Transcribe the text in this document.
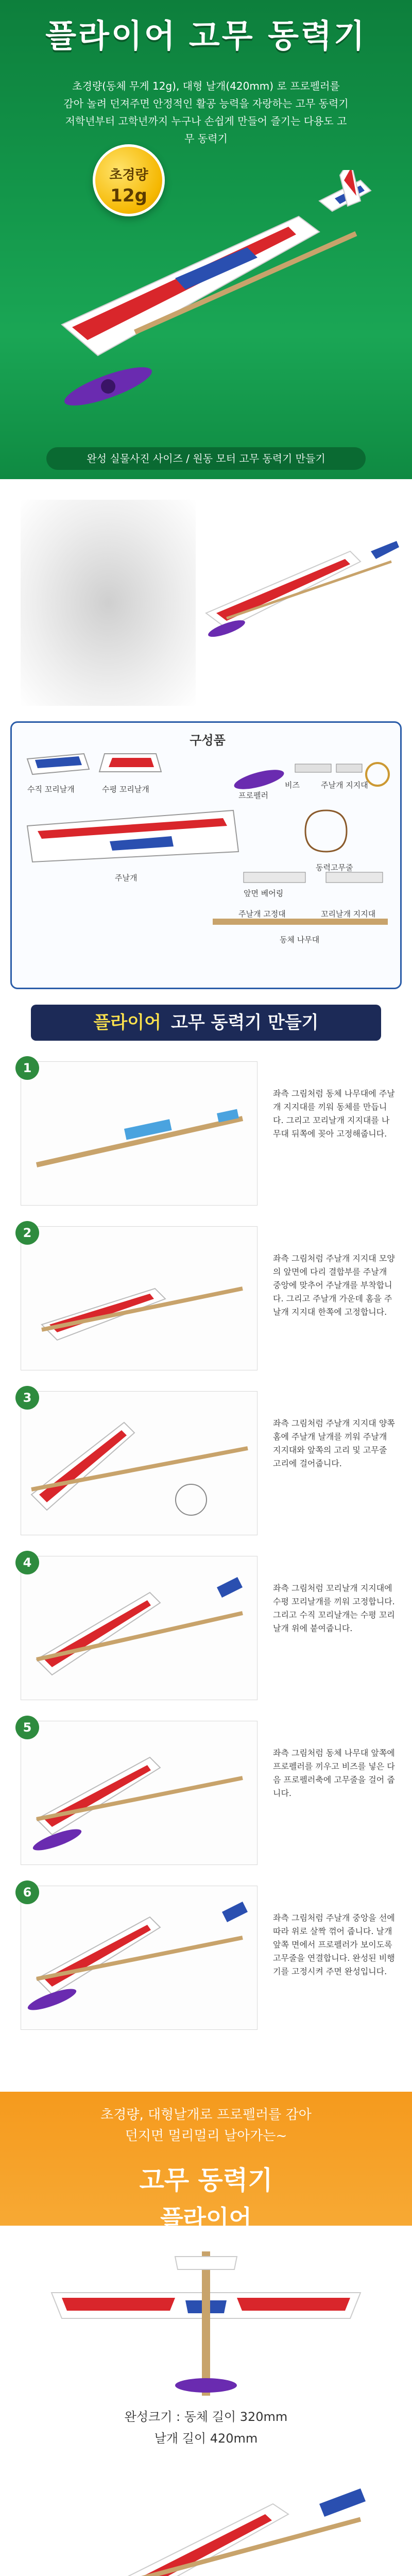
플라이어 고무 동력기
초경량(동체 무게 12g), 대형 날개(420mm) 로 프로펠러를
감아 놀려 던져주면 안정적인 활공 능력을 자랑하는 고무 동력기
저학년부터 고학년까지 누구나 손쉽게 만들어 즐기는 다용도 고무 동력기
초경량
12g
완성 실물사진 사이즈 / 원동 모터 고무 동력기 만들기
구성품
수직 꼬리날개	수평 꼬리날개
프로펠러
비즈	주날개 지지대
주날개
앞면 베어링
동력고무줄
주날개 고정대	꼬리날개 지지대
동체 나무대
플라이어 고무 동력기 만들기
1
좌측 그림처럼 동체 나무대에 주날개 지지대를 끼워 동체를 만듭니다. 그리고 꼬리날개 지지대를 나무대 뒤쪽에 꽂아 고정해줍니다.
2
좌측 그림처럼 주날개 지지대 모양의 앞면에 다리 결합부를 주날개 중앙에 맞추어 주날개를 부착합니다. 그리고 주날개 가운데 홈을 주날개 지지대 한쪽에 고정합니다.
3
좌측 그림처럼 주날개 지지대 양쪽 홈에 주날개 날개를 끼워 주날개 지지대와 앞쪽의 고리 및 고무줄 고리에 걸어줍니다.
4
좌측 그림처럼 꼬리날개 지지대에 수평 꼬리날개를 끼워 고정합니다. 그리고 수직 꼬리날개는 수평 꼬리날개 위에 붙여줍니다.
5
좌측 그림처럼 동체 나무대 앞쪽에 프로펠러를 끼우고 비즈를 넣은 다음 프로펠러축에 고무줄을 걸어 줍니다.
6
좌측 그림처럼 주날개 중앙을 선에 따라 위로 살짝 꺾어 줍니다. 날개 앞쪽 면에서 프로펠러가 보이도록 고무줄을 연결합니다. 완성된 비행기를 고정시켜 주면 완성입니다.
초경량, 대형날개로 프로펠러를 감아
던지면 멀리멀리 날아가는~
고무 동력기
플라이어
완성크기 : 동체 길이 320mm
날개 길이 420mm
